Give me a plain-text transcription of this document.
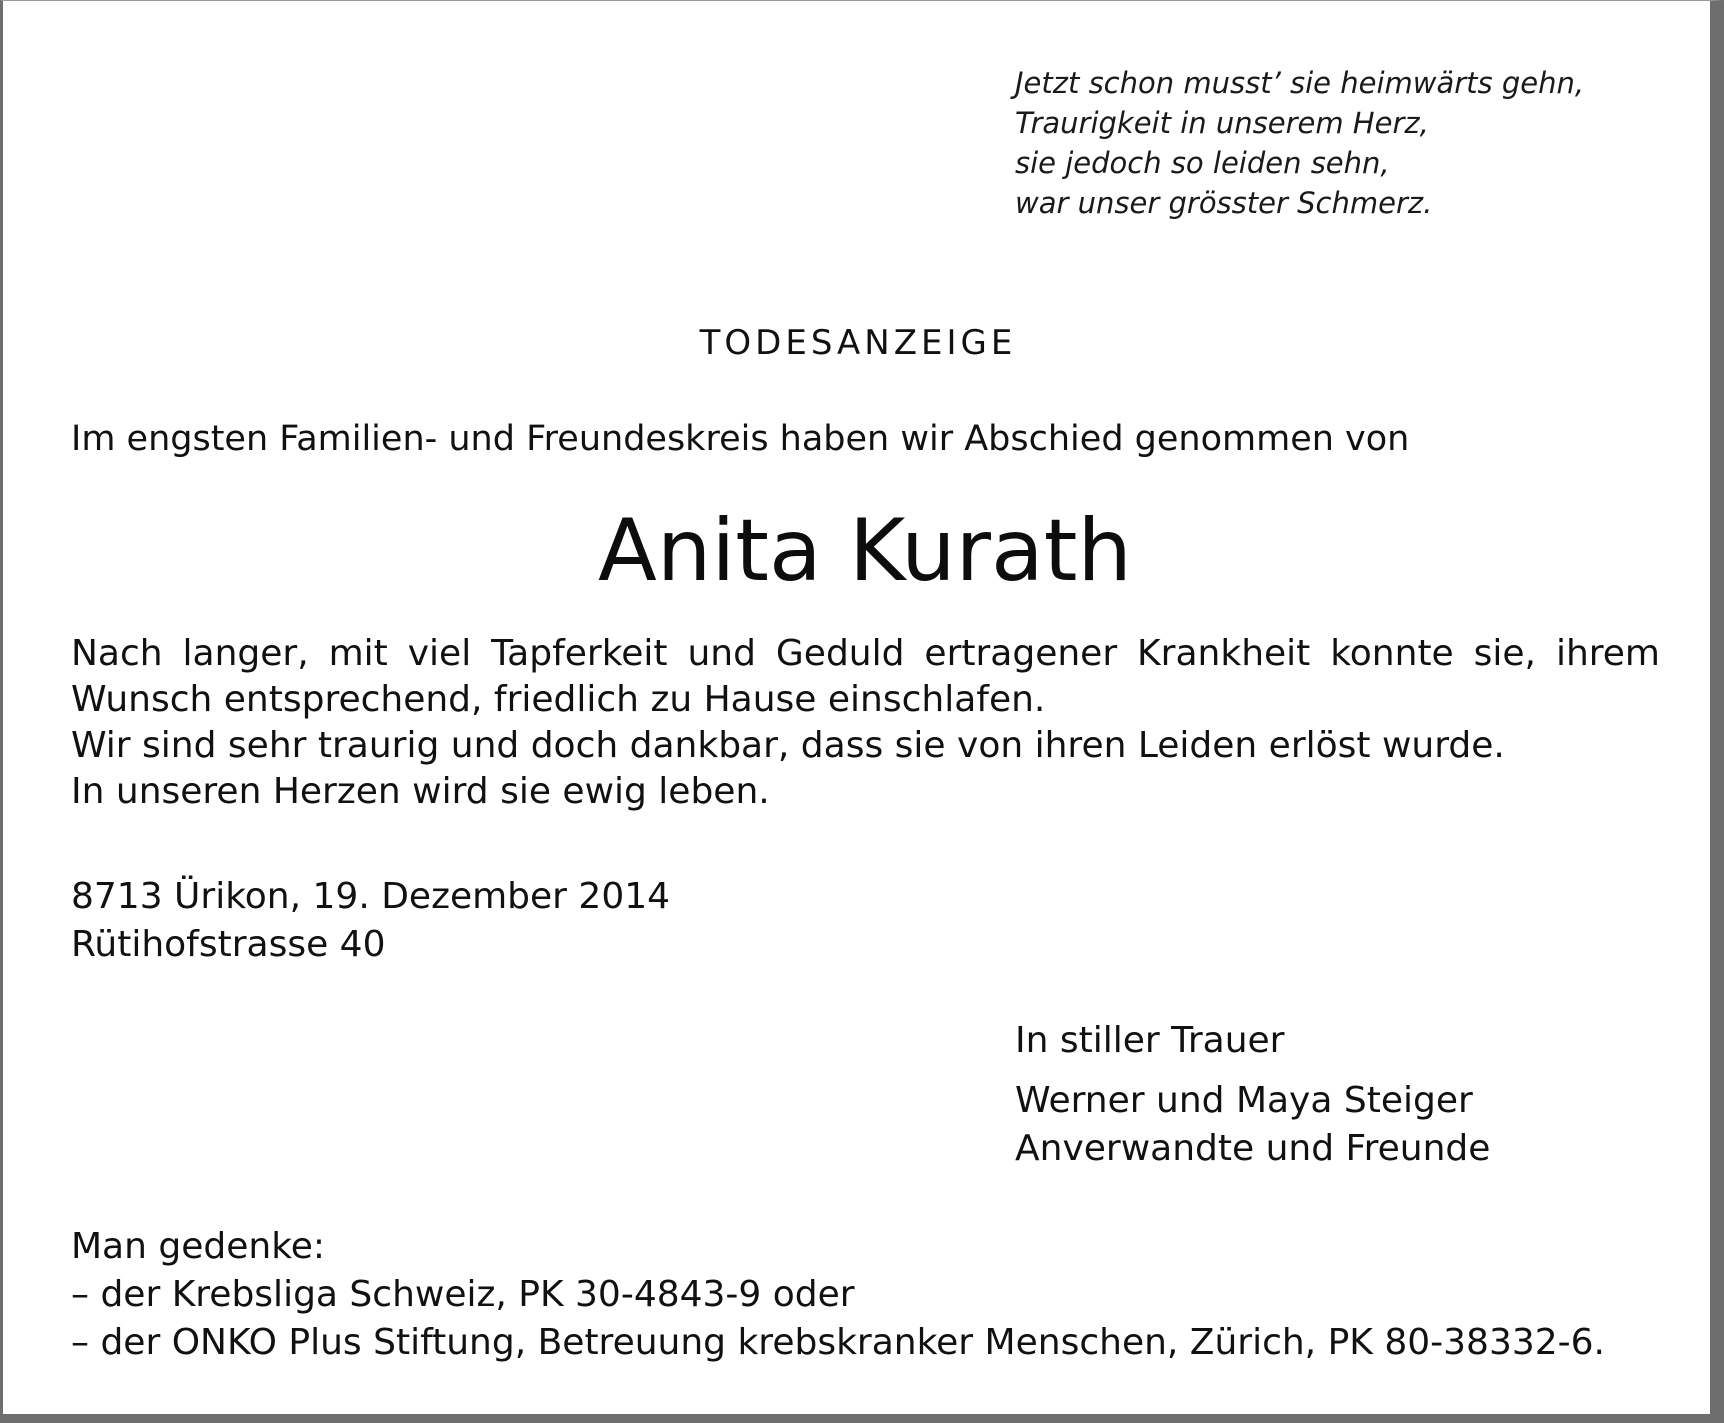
Jetzt schon musst’ sie heimwärts gehn,
Traurigkeit in unserem Herz,
sie jedoch so leiden sehn,
war unser grösster Schmerz.
TODESANZEIGE
Im engsten Familien- und Freundeskreis haben wir Abschied genommen von
Anita Kurath
Nach langer, mit viel Tapferkeit und Geduld ertragener Krankheit konnte sie, ihrem
Wunsch entsprechend, friedlich zu Hause einschlafen.
Wir sind sehr traurig und doch dankbar, dass sie von ihren Leiden erlöst wurde.
In unseren Herzen wird sie ewig leben.
8713 Ürikon, 19. Dezember 2014
Rütihofstrasse 40
In stiller Trauer
Werner und Maya Steiger
Anverwandte und Freunde
Man gedenke:
– der Krebsliga Schweiz, PK 30-4843-9 oder
– der ONKO Plus Stiftung, Betreuung krebskranker Menschen, Zürich, PK 80-38332-6.
